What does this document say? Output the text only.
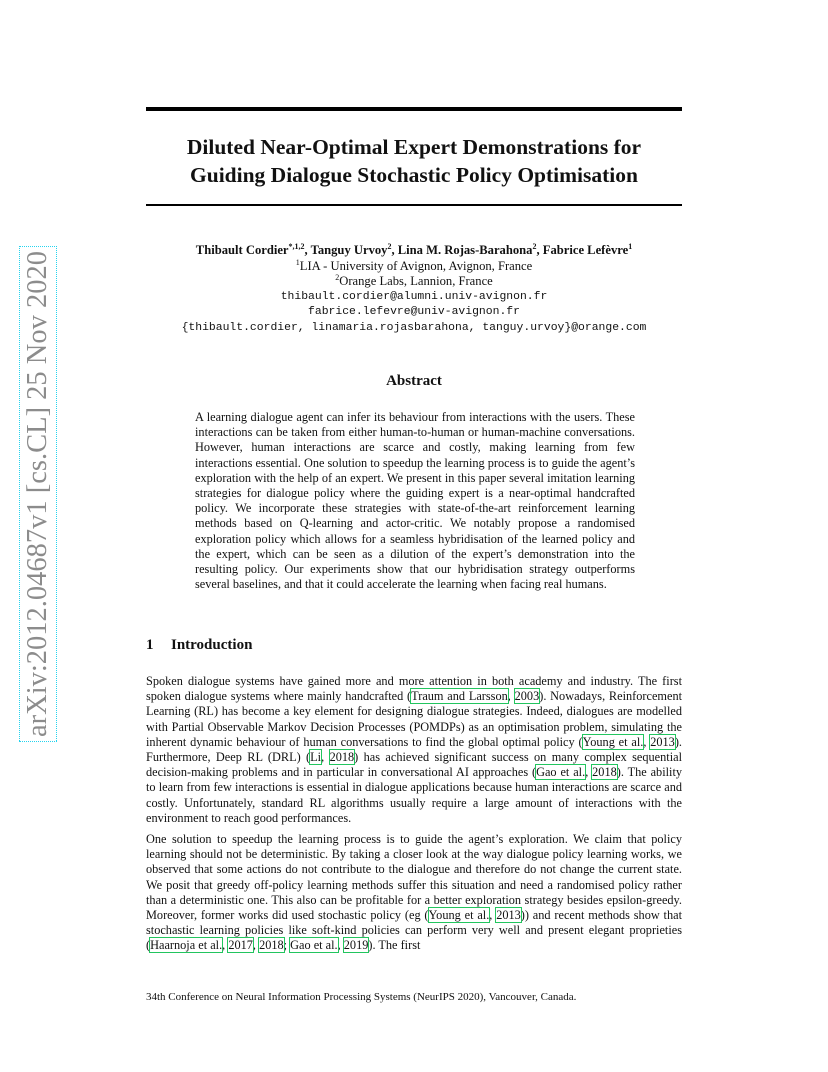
arXiv:2012.04687v1 [cs.CL] 25 Nov 2020
Diluted Near-Optimal Expert Demonstrations for
Guiding Dialogue Stochastic Policy Optimisation
Thibault Cordier$^{*,1,2}$, Tanguy Urvoy$^2$, Lina M. Rojas-Barahona$^2$, Fabrice Lefèvre$^1$
$^1$LIA - University of Avignon, Avignon, France
$^2$Orange Labs, Lannion, France
thibault.cordier@alumni.univ-avignon.fr
fabrice.lefevre@univ-avignon.fr
{thibault.cordier, linamaria.rojasbarahona, tanguy.urvoy}@orange.com
Abstract
A learning dialogue agent can infer its behaviour from interactions with the users. These interactions can be taken from either human-to-human or human-machine conversations. However, human interactions are scarce and costly, making learning from few interactions essential. One solution to speedup the learning process is to guide the agent’s exploration with the help of an expert. We present in this paper several imitation learning strategies for dialogue policy where the guiding expert is a near-optimal handcrafted policy. We incorporate these strategies with state-of-the-art reinforcement learning methods based on Q-learning and actor-critic. We notably propose a randomised exploration policy which allows for a seamless hybridisation of the learned policy and the expert, which can be seen as a dilution of the expert’s demonstration into the resulting policy. Our experiments show that our hybridisation strategy outperforms several baselines, and that it could accelerate the learning when facing real humans.
1 Introduction

Spoken dialogue systems have gained more and more attention in both academy and industry. The first spoken dialogue systems where mainly handcrafted (Traum and Larsson, 2003). Nowadays, Reinforcement Learning (RL) has become a key element for designing dialogue strategies. Indeed, dialogues are modelled with Partial Observable Markov Decision Processes (POMDPs) as an optimisation problem, simulating the inherent dynamic behaviour of human conversations to find the global optimal policy (Young et al., 2013). Furthermore, Deep RL (DRL) (Li, 2018) has achieved significant success on many complex sequential decision-making problems and in particular in conversational AI approaches (Gao et al., 2018). The ability to learn from few interactions is essential in dialogue applications because human interactions are scarce and costly. Unfortunately, standard RL algorithms usually require a large amount of interactions with the environment to reach good performances.

One solution to speedup the learning process is to guide the agent’s exploration. We claim that policy learning should not be deterministic. By taking a closer look at the way dialogue policy learning works, we observed that some actions do not contribute to the dialogue and therefore do not change the current state. We posit that greedy off-policy learning methods suffer this situation and need a randomised policy rather than a deterministic one. This also can be profitable for a better exploration strategy besides epsilon-greedy. Moreover, former works did used stochastic policy (eg (Young et al., 2013)) and recent methods show that stochastic learning policies like soft-kind policies can perform very well and present elegant proprieties (Haarnoja et al., 2017, 2018; Gao et al., 2019). The first

34th Conference on Neural Information Processing Systems (NeurIPS 2020), Vancouver, Canada.
